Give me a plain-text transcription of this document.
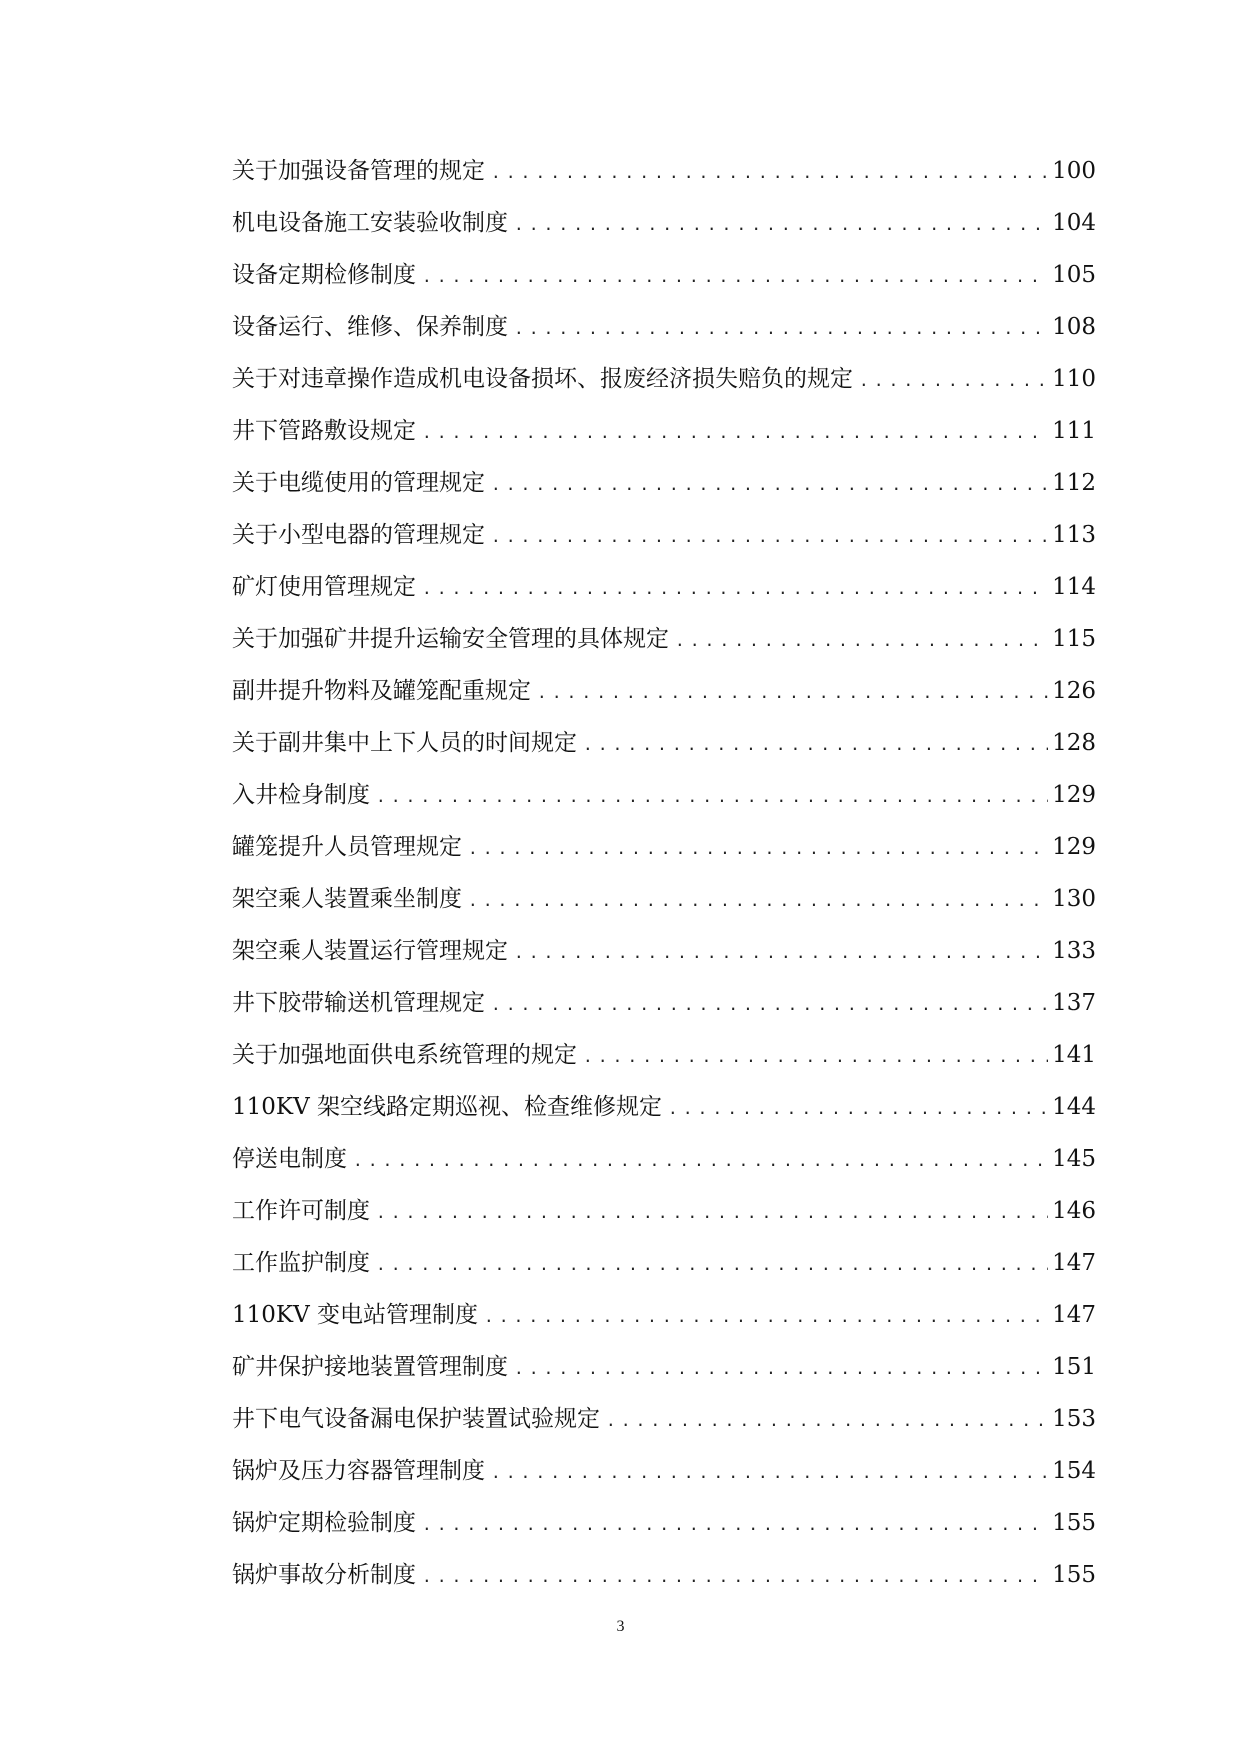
关于加强设备管理的规定 .....	100
机电设备施工安装验收制度 .....	104
设备定期检修制度 .....	105
设备运行、维修、保养制度 .....	108
关于对违章操作造成机电设备损坏、报废经济损失赔负的规定 .....	110
井下管路敷设规定 .....	111
关于电缆使用的管理规定 .....	112
关于小型电器的管理规定 .....	113
矿灯使用管理规定 .....	114
关于加强矿井提升运输安全管理的具体规定 .....	115
副井提升物料及罐笼配重规定 .....	126
关于副井集中上下人员的时间规定 .....	128
入井检身制度 .....	129
罐笼提升人员管理规定 .....	129
架空乘人装置乘坐制度 .....	130
架空乘人装置运行管理规定 .....	133
井下胶带输送机管理规定 .....	137
关于加强地面供电系统管理的规定 .....	141
110KV 架空线路定期巡视、检查维修规定 .....	144
停送电制度 .....	145
工作许可制度 .....	146
工作监护制度 .....	147
110KV 变电站管理制度 .....	147
矿井保护接地装置管理制度 .....	151
井下电气设备漏电保护装置试验规定 .....	153
锅炉及压力容器管理制度 .....	154
锅炉定期检验制度 .....	155
锅炉事故分析制度 .....	155
3
